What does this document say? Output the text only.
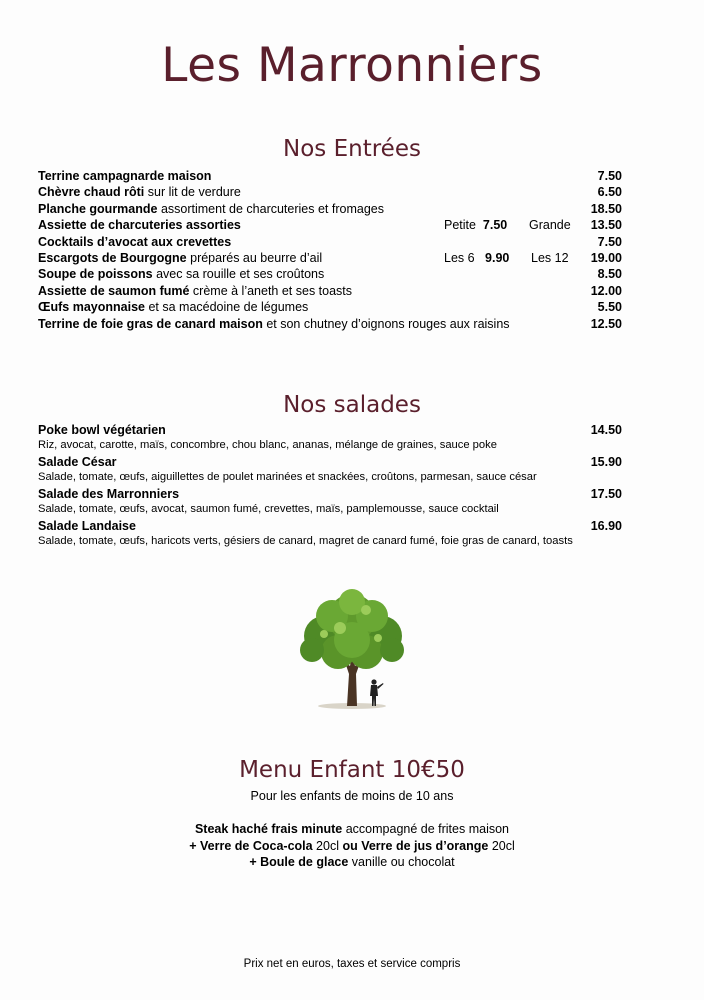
Les Marronniers
Nos Entrées
Terrine campagnarde maison	7.50
Chèvre chaud rôti sur lit de verdure	6.50
Planche gourmande assortiment de charcuteries et fromages	18.50
Assiette de charcuteries assorties	Petite 7.50 Grande 13.50
Cocktails d’avocat aux crevettes	7.50
Escargots de Bourgogne préparés au beurre d’ail	Les 6 9.90 Les 12 19.00
Soupe de poissons avec sa rouille et ses croûtons	8.50
Assiette de saumon fumé crème à l’aneth et ses toasts	12.00
Œufs mayonnaise et sa macédoine de légumes	5.50
Terrine de foie gras de canard maison et son chutney d’oignons rouges aux raisins	12.50
Nos salades
Poke bowl végétarien	14.50
Riz, avocat, carotte, maïs, concombre, chou blanc, ananas, mélange de graines, sauce poke
Salade César	15.90
Salade, tomate, œufs, aiguillettes de poulet marinées et snackées, croûtons, parmesan, sauce césar
Salade des Marronniers	17.50
Salade, tomate, œufs, avocat, saumon fumé, crevettes, maïs, pamplemousse, sauce cocktail
Salade Landaise	16.90
Salade, tomate, œufs, haricots verts, gésiers de canard, magret de canard fumé, foie gras de canard, toasts
Menu Enfant 10€50
Pour les enfants de moins de 10 ans
Steak haché frais minute accompagné de frites maison
+ Verre de Coca-cola 20cl ou Verre de jus d’orange 20cl
+ Boule de glace vanille ou chocolat
Prix net en euros, taxes et service compris
